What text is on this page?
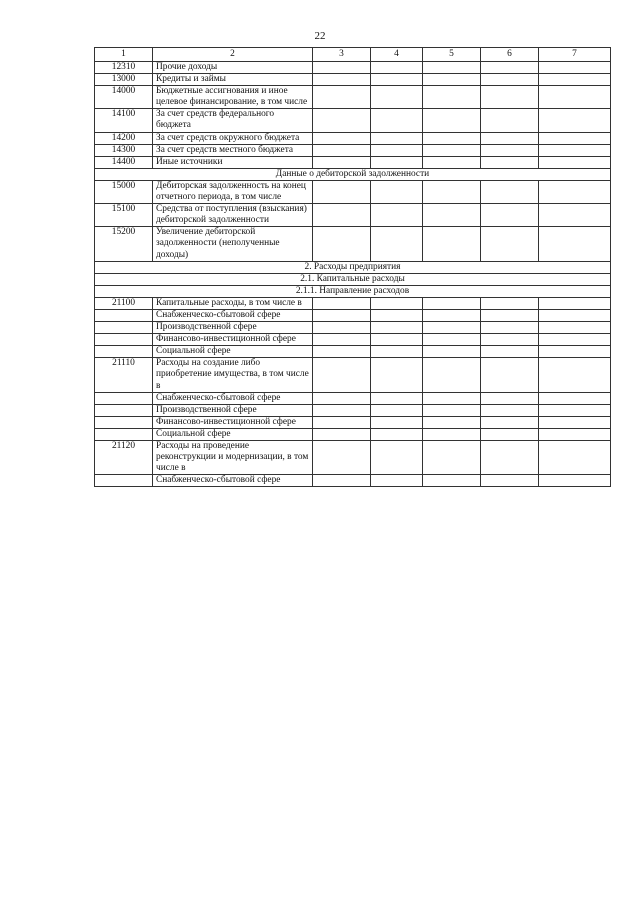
22
1	2	3	4	5	6	7
12310	Прочие доходы					
13000	Кредиты и займы					
14000	Бюджетные ассигнования и иное целевое финансирование, в том числе					
14100	За счет средств федерального бюджета					
14200	За счет средств окружного бюджета					
14300	За счет средств местного бюджета					
14400	Иные источники					
Данные о дебиторской задолженности						
15000	Дебиторская задолженность на конец отчетного периода, в том числе					
15100	Средства от поступления (взыскания) дебиторской задолженности					
15200	Увеличение дебиторской задолженности (неполученные доходы)					
2. Расходы предприятия						
2.1. Капитальные расходы						
2.1.1. Направление расходов						
21100	Капитальные расходы, в том числе в					
	Снабженческо-сбытовой сфере					
	Производственной сфере					
	Финансово-инвестиционной сфере					
	Социальной сфере					
21110	Расходы на создание либо приобретение имущества, в том числе в					
	Снабженческо-сбытовой сфере					
	Производственной сфере					
	Финансово-инвестиционной сфере					
	Социальной сфере					
21120	Расходы на проведение реконструкции и модернизации, в том числе в					
	Снабженческо-сбытовой сфере					
